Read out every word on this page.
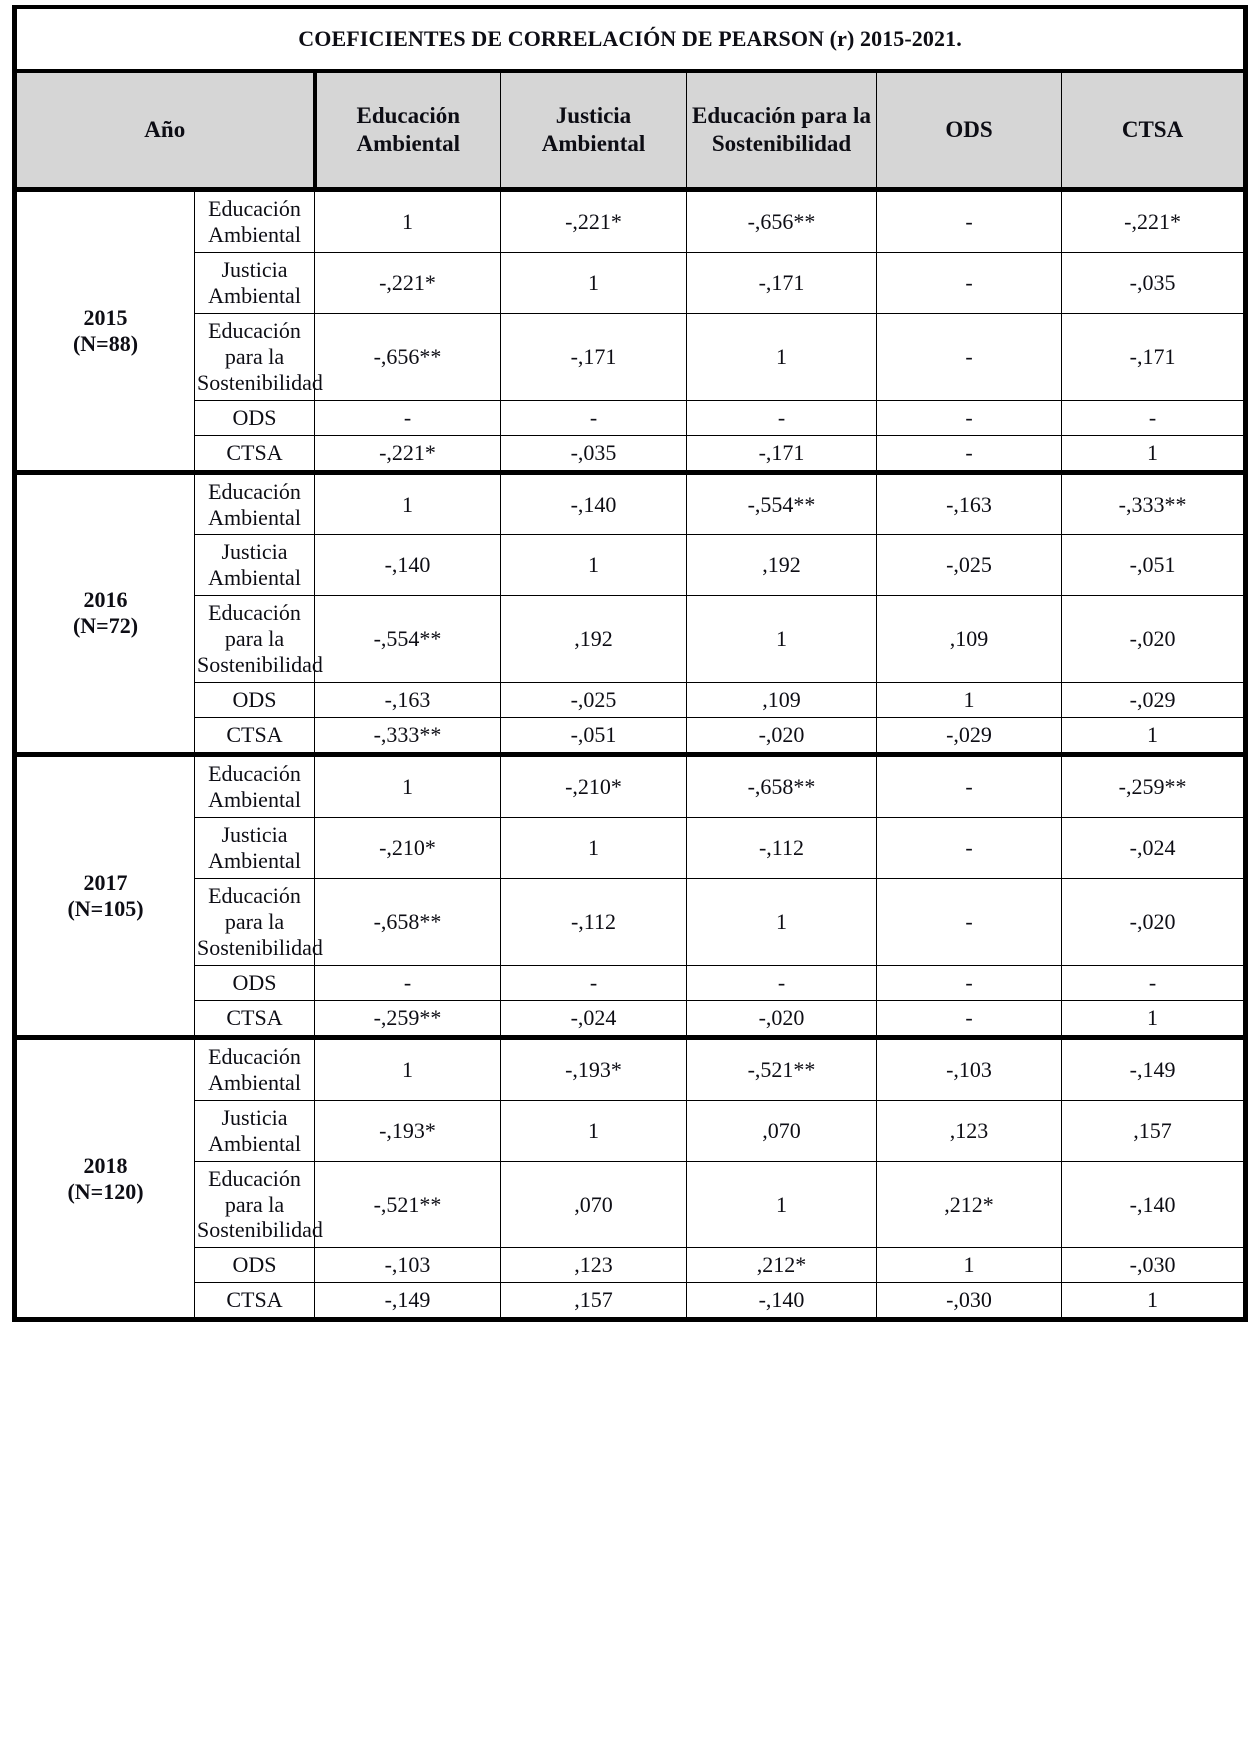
COEFICIENTES DE CORRELACIÓN DE PEARSON (r) 2015-2021.						
Año		Educación Ambiental	Justicia Ambiental	Educación para la Sostenibilidad	ODS	CTSA

2015
(N=88)	Educación Ambiental	1	-,221*	-,656**	-	-,221*
	Justicia Ambiental	-,221*	1	-,171	-	-,035
	Educación para la Sostenibilidad	-,656**	-,171	1	-	-,171
	ODS	-	-	-	-	-
	CTSA	-,221*	-,035	-,171	-	1

2016
(N=72)	Educación Ambiental	1	-,140	-,554**	-,163	-,333**
	Justicia Ambiental	-,140	1	,192	-,025	-,051
	Educación para la Sostenibilidad	-,554**	,192	1	,109	-,020
	ODS	-,163	-,025	,109	1	-,029
	CTSA	-,333**	-,051	-,020	-,029	1

2017
(N=105)	Educación Ambiental	1	-,210*	-,658**	-	-,259**
	Justicia Ambiental	-,210*	1	-,112	-	-,024
	Educación para la Sostenibilidad	-,658**	-,112	1	-	-,020
	ODS	-	-	-	-	-
	CTSA	-,259**	-,024	-,020	-	1

2018
(N=120)	Educación Ambiental	1	-,193*	-,521**	-,103	-,149
	Justicia Ambiental	-,193*	1	,070	,123	,157
	Educación para la Sostenibilidad	-,521**	,070	1	,212*	-,140
	ODS	-,103	,123	,212*	1	-,030
	CTSA	-,149	,157	-,140	-,030	1
